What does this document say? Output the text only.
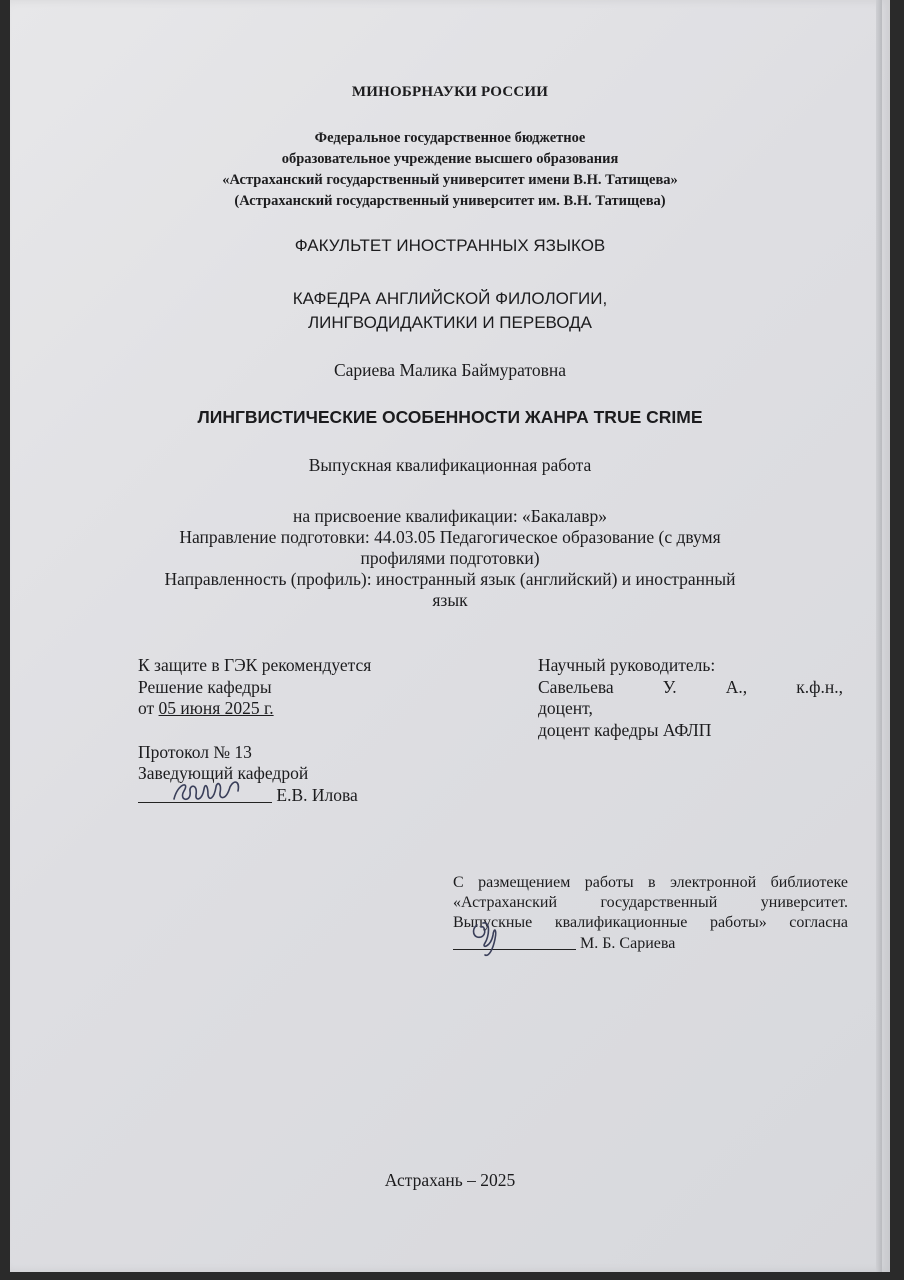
МИНОБРНАУКИ РОССИИ
Федеральное государственное бюджетное
образовательное учреждение высшего образования
«Астраханский государственный университет имени В.Н. Татищева»
(Астраханский государственный университет им. В.Н. Татищева)
ФАКУЛЬТЕТ ИНОСТРАННЫХ ЯЗЫКОВ
КАФЕДРА АНГЛИЙСКОЙ ФИЛОЛОГИИ,
ЛИНГВОДИДАКТИКИ И ПЕРЕВОДА
Сариева Малика Баймуратовна
ЛИНГВИСТИЧЕСКИЕ ОСОБЕННОСТИ ЖАНРА TRUE CRIME
Выпускная квалификационная работа
на присвоение квалификации: «Бакалавр»
Направление подготовки: 44.03.05 Педагогическое образование (с двумя
профилями подготовки)
Направленность (профиль): иностранный язык (английский) и иностранный
язык
К защите в ГЭК рекомендуется
Решение кафедры
от 05 июня 2025 г.
Протокол № 13
Заведующий кафедрой
Е.В. Илова
Научный руководитель:
Савельева	У.	А.,	к.ф.н.,
доцент,
доцент кафедры АФЛП
С размещением работы в электронной библиотеке
«Астраханский государственный университет.
Выпускные квалификационные работы» согласна
М. Б. Сариева
Астрахань – 2025
